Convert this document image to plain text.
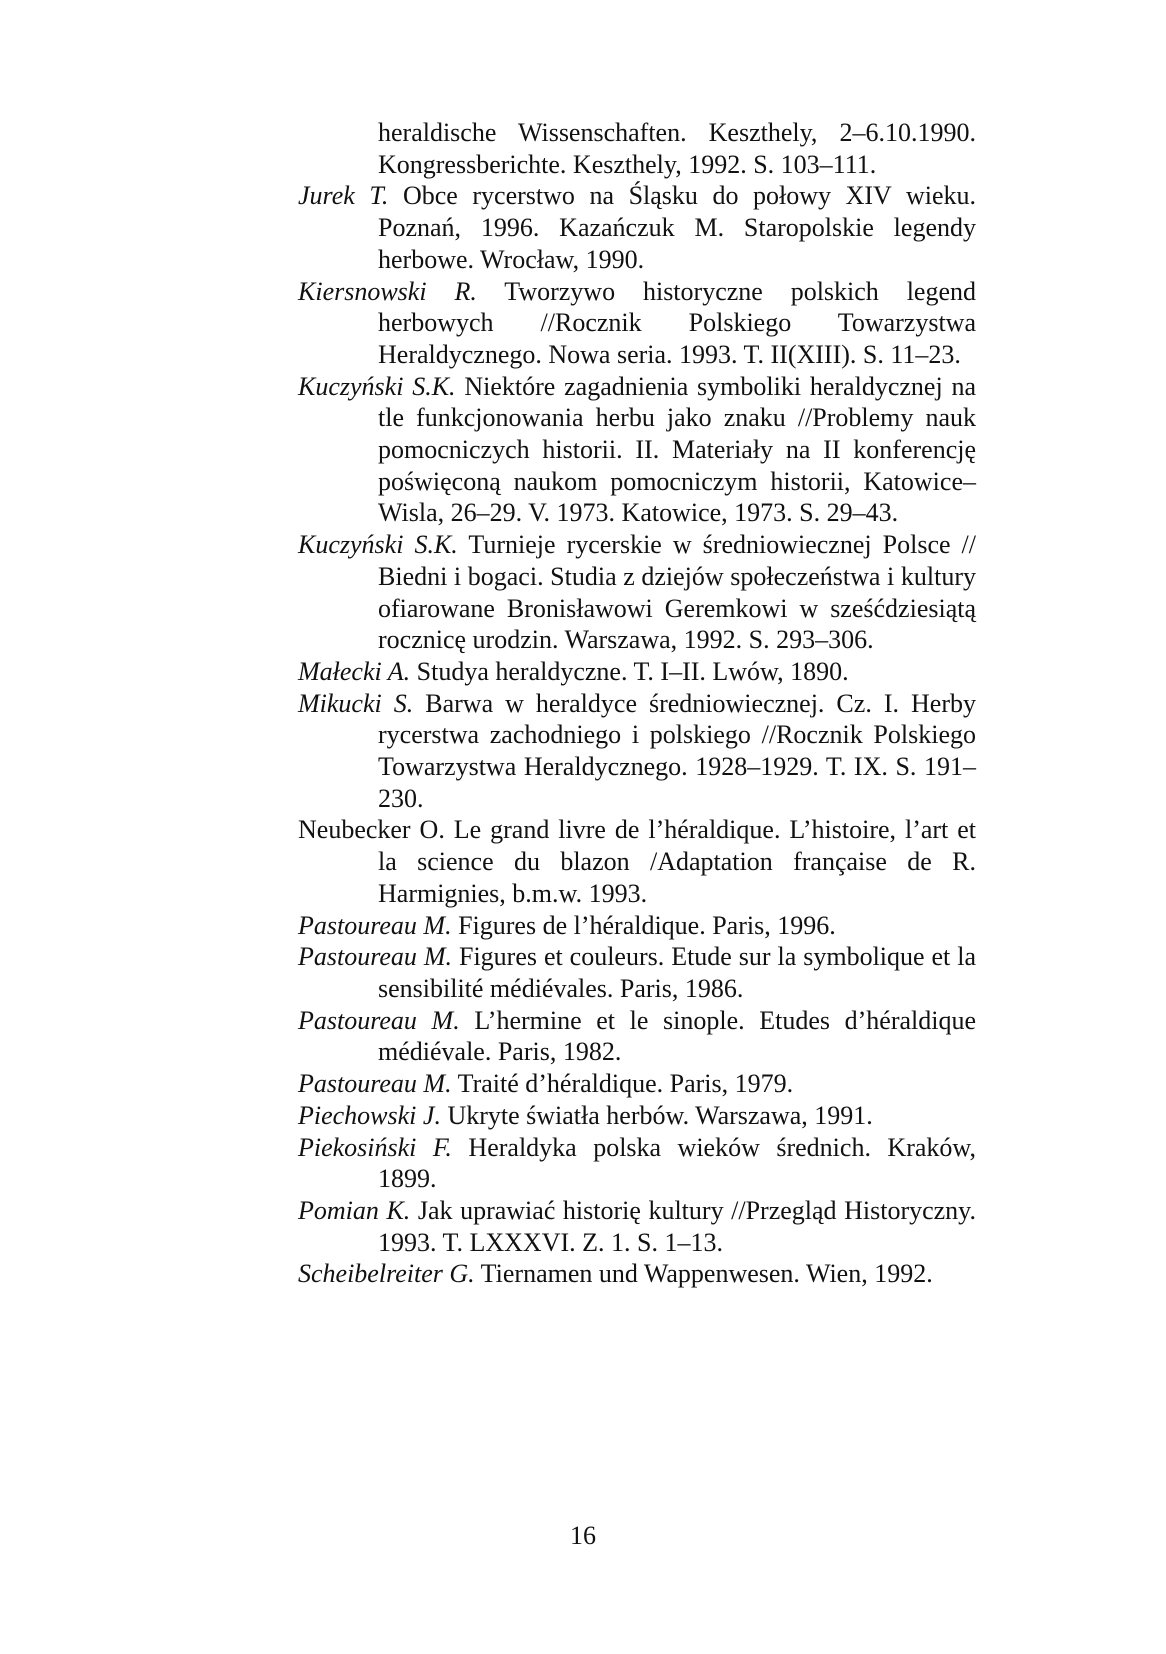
heraldische Wissenschaften. Keszthely, 2–6.10.1990. Kongressberichte. Keszthely, 1992. S. 103–111.

Jurek T. Obce rycerstwo na Śląsku do połowy XIV wieku. Poznań, 1996. Kazańczuk M. Staropolskie legendy herbowe. Wrocław, 1990.

Kiersnowski R. Tworzywo historyczne polskich legend herbowych //Rocznik Polskiego Towarzystwa Heraldycznego. Nowa seria. 1993. T. II(XIII). S. 11–23.

Kuczyński S.K. Niektóre zagadnienia symboliki heraldycznej na tle funkcjonowania herbu jako znaku //Problemy nauk pomocniczych historii. II. Materiały na II konferencję poświęconą naukom pomocniczym historii, Katowice–Wisla, 26–29. V. 1973. Katowice, 1973. S. 29–43.

Kuczyński S.K. Turnieje rycerskie w średniowiecznej Polsce // Biedni i bogaci. Studia z dziejów społeczeństwa i kultury ofiarowane Bronisławowi Geremkowi w sześćdziesiątą rocznicę urodzin. Warszawa, 1992. S. 293–306.

Małecki A. Studya heraldyczne. T. I–II. Lwów, 1890.

Mikucki S. Barwa w heraldyce średniowiecznej. Cz. I. Herby rycerstwa zachodniego i polskiego //Rocznik Polskiego Towarzystwa Heraldycznego. 1928–1929. T. IX. S. 191–230.

Neubecker O. Le grand livre de l’héraldique. L’histoire, l’art et la science du blazon /Adaptation française de R. Harmignies, b.m.w. 1993.

Pastoureau M. Figures de l’héraldique. Paris, 1996.

Pastoureau M. Figures et couleurs. Etude sur la symbolique et la sensibilité médiévales. Paris, 1986.

Pastoureau M. L’hermine et le sinople. Etudes d’héraldique médiévale. Paris, 1982.

Pastoureau M. Traité d’héraldique. Paris, 1979.

Piechowski J. Ukryte światła herbów. Warszawa, 1991.

Piekosiński F. Heraldyka polska wieków średnich. Kraków, 1899.

Pomian K. Jak uprawiać historię kultury //Przegląd Historyczny. 1993. T. LXXXVI. Z. 1. S. 1–13.

Scheibelreiter G. Tiernamen und Wappenwesen. Wien, 1992.

16
